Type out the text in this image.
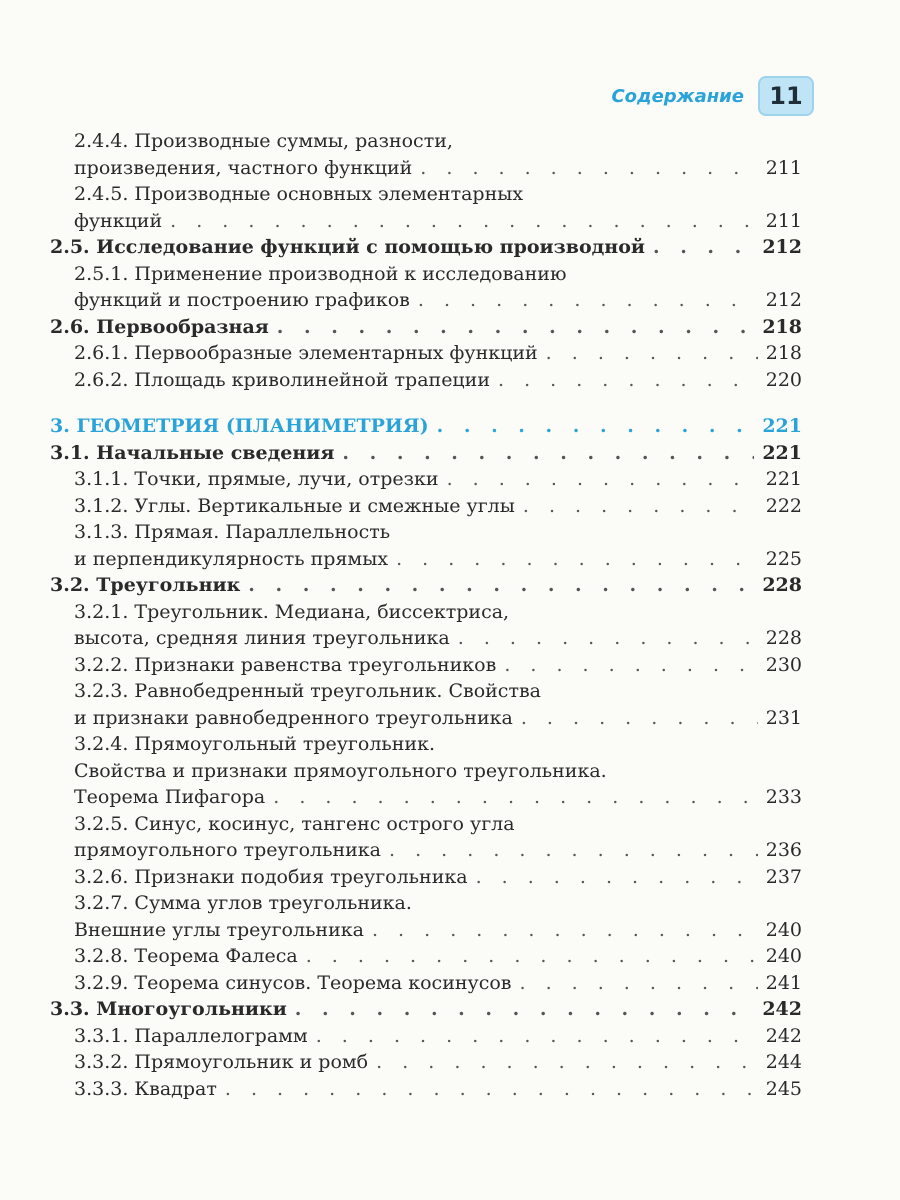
Содержание	11
2.4.4. Производные суммы, разности,
произведения, частного функций . . .	211
2.4.5. Производные основных элементарных
функций . . .	211
2.5. Исследование функций с помощью производной . . .	212
2.5.1. Применение производной к исследованию
функций и построению графиков . . .	212
2.6. Первообразная . . .	218
2.6.1. Первообразные элементарных функций . . .	218
2.6.2. Площадь криволинейной трапеции . . .	220
3. ГЕОМЕТРИЯ (ПЛАНИМЕТРИЯ) . . .	221
3.1. Начальные сведения . . .	221
3.1.1. Точки, прямые, лучи, отрезки . . .	221
3.1.2. Углы. Вертикальные и смежные углы . . .	222
3.1.3. Прямая. Параллельность
и перпендикулярность прямых . . .	225
3.2. Треугольник . . .	228
3.2.1. Треугольник. Медиана, биссектриса,
высота, средняя линия треугольника . . .	228
3.2.2. Признаки равенства треугольников . . .	230
3.2.3. Равнобедренный треугольник. Свойства
и признаки равнобедренного треугольника . . .	231
3.2.4. Прямоугольный треугольник.
Свойства и признаки прямоугольного треугольника.
Теорема Пифагора . . .	233
3.2.5. Синус, косинус, тангенс острого угла
прямоугольного треугольника . . .	236
3.2.6. Признаки подобия треугольника . . .	237
3.2.7. Сумма углов треугольника.
Внешние углы треугольника . . .	240
3.2.8. Теорема Фалеса . . .	240
3.2.9. Теорема синусов. Теорема косинусов . . .	241
3.3. Многоугольники . . .	242
3.3.1. Параллелограмм . . .	242
3.3.2. Прямоугольник и ромб . . .	244
3.3.3. Квадрат . . .	245
